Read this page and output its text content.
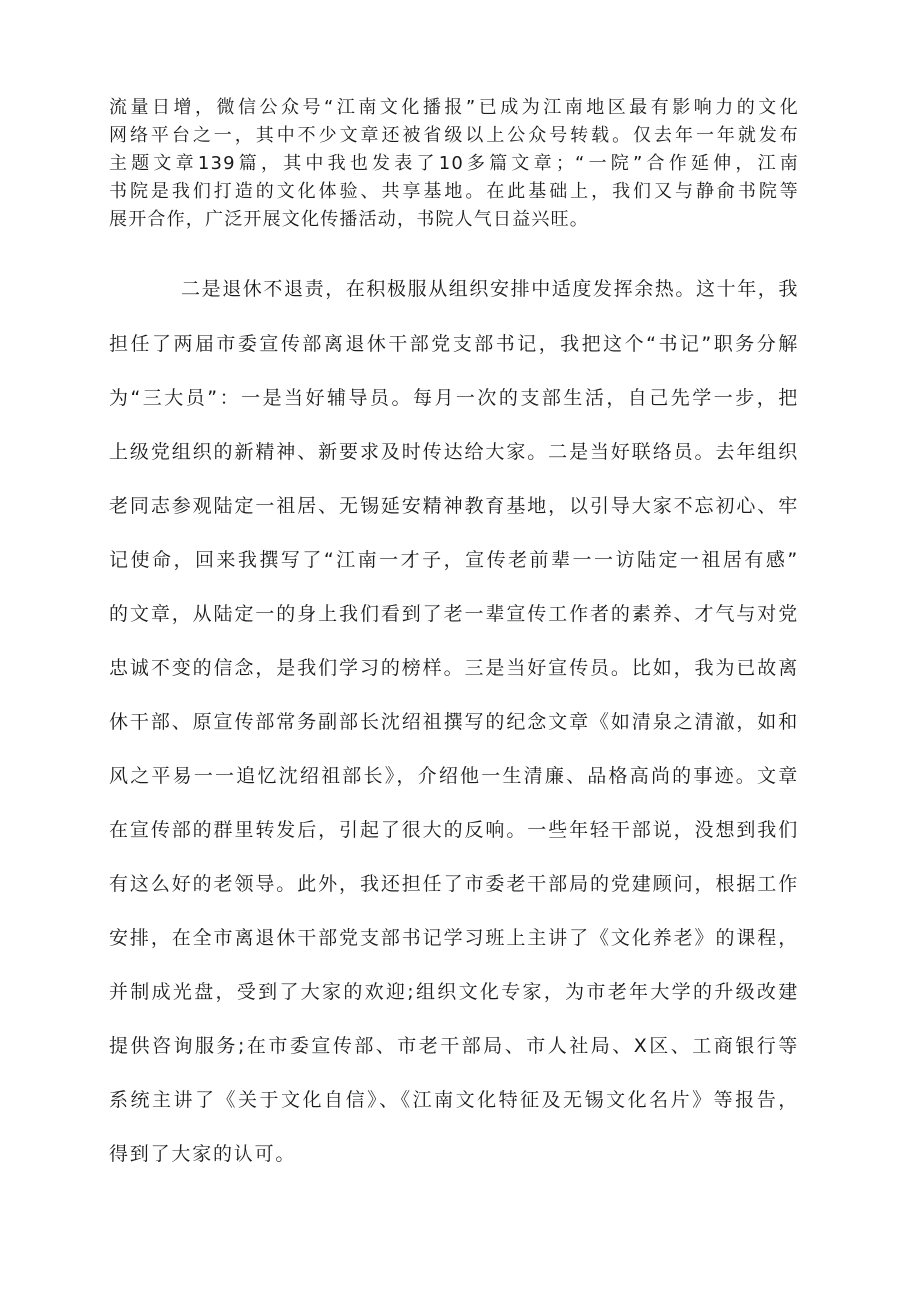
流量日增，微信公众号“江南文化播报”已成为江南地区最有影响力的文化

网络平台之一，其中不少文章还被省级以上公众号转载。仅去年一年就发布

主题文章139篇，其中我也发表了10多篇文章；“一院”合作延伸，江南

书院是我们打造的文化体验、共享基地。在此基础上，我们又与静俞书院等

展开合作，广泛开展文化传播活动，书院人气日益兴旺。

二是退休不退责，在积极服从组织安排中适度发挥余热。这十年，我

担任了两届市委宣传部离退休干部党支部书记，我把这个“书记”职务分解

为“三大员”：一是当好辅导员。每月一次的支部生活，自己先学一步，把

上级党组织的新精神、新要求及时传达给大家。二是当好联络员。去年组织

老同志参观陆定一祖居、无锡延安精神教育基地，以引导大家不忘初心、牢

记使命，回来我撰写了“江南一才子，宣传老前辈一一访陆定一祖居有感”

的文章，从陆定一的身上我们看到了老一辈宣传工作者的素养、才气与对党

忠诚不变的信念，是我们学习的榜样。三是当好宣传员。比如，我为已故离

休干部、原宣传部常务副部长沈绍祖撰写的纪念文章《如清泉之清澈，如和

风之平易一一追忆沈绍祖部长》，介绍他一生清廉、品格高尚的事迹。文章

在宣传部的群里转发后，引起了很大的反响。一些年轻干部说，没想到我们

有这么好的老领导。此外，我还担任了市委老干部局的党建顾问，根据工作

安排，在全市离退休干部党支部书记学习班上主讲了《文化养老》的课程，

并制成光盘，受到了大家的欢迎;组织文化专家，为市老年大学的升级改建

提供咨询服务;在市委宣传部、市老干部局、市人社局、X区、工商银行等

系统主讲了《关于文化自信》、《江南文化特征及无锡文化名片》等报告，

得到了大家的认可。
